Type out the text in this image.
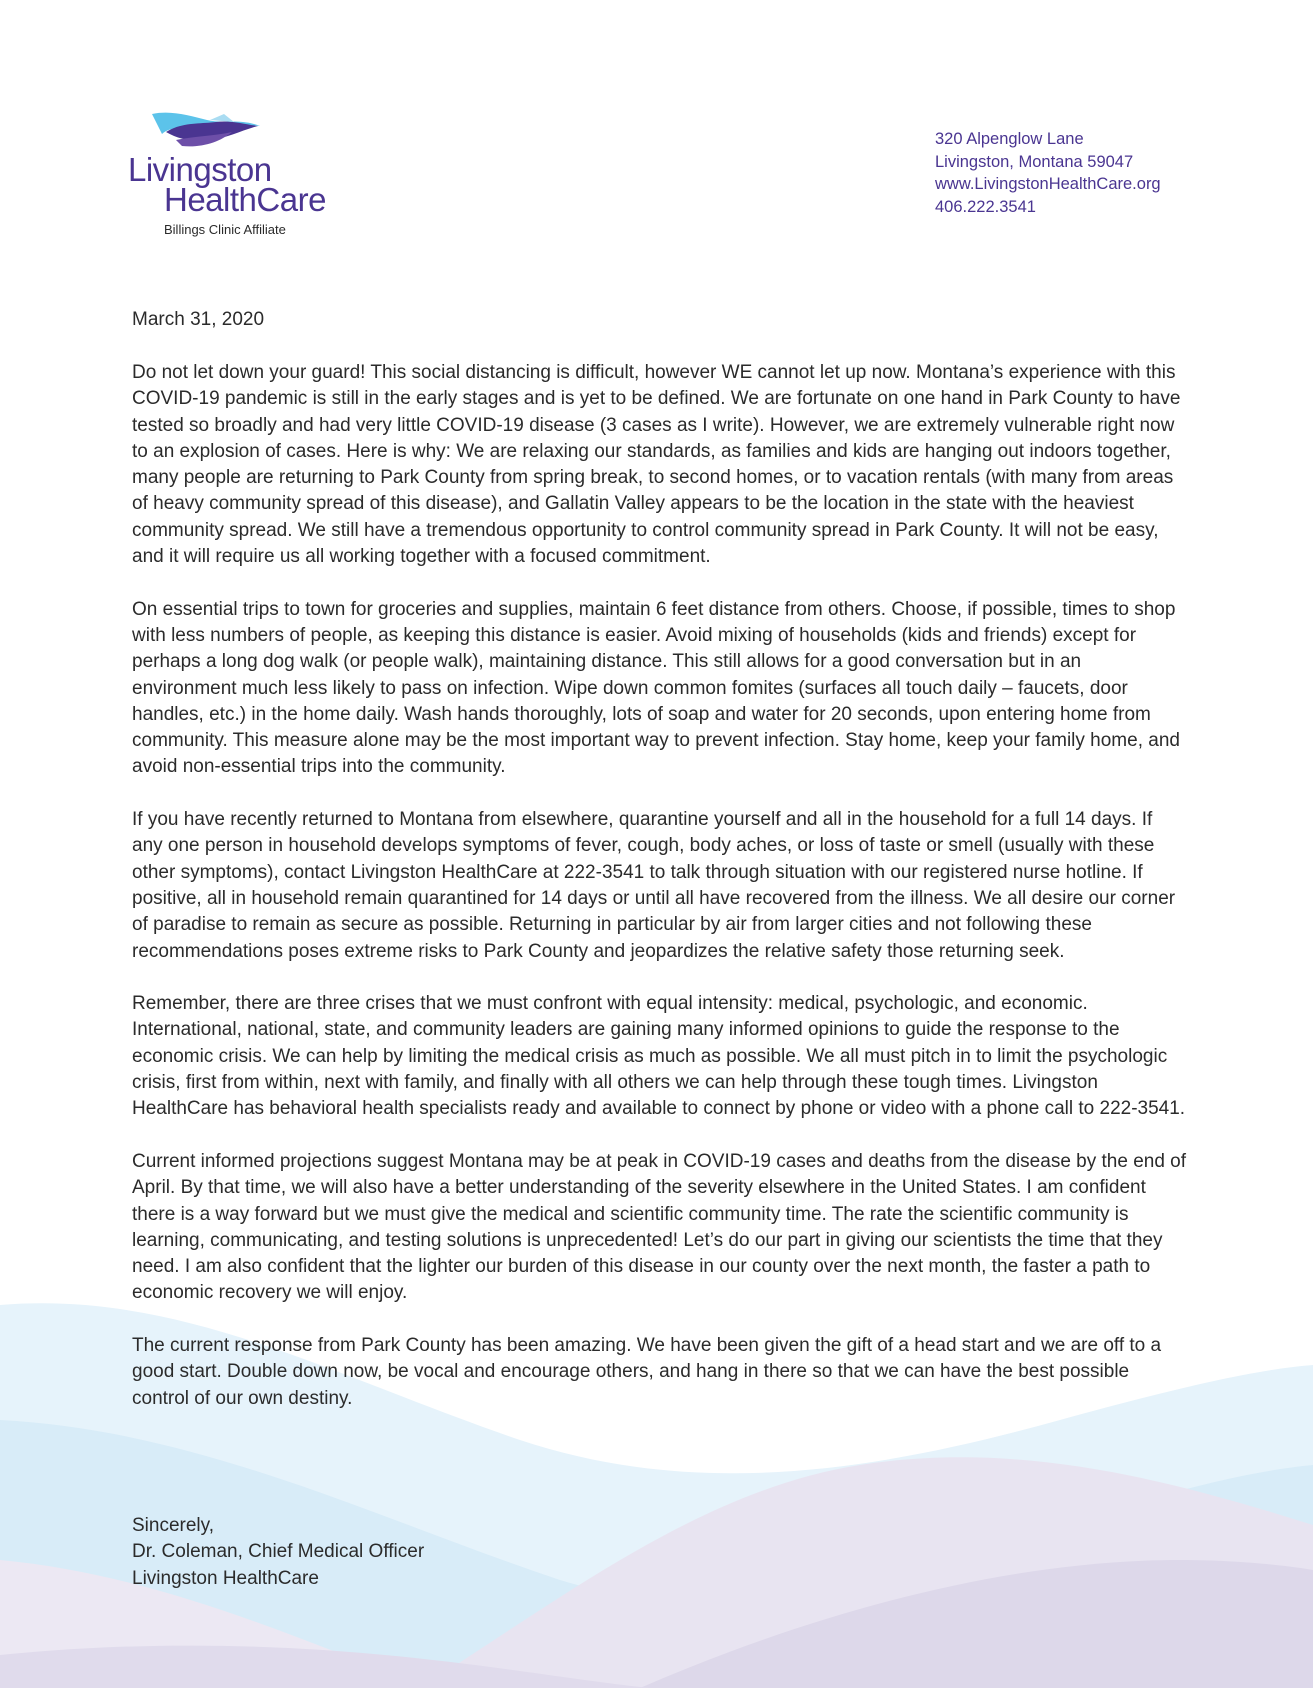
Livingston
HealthCare
Billings Clinic Affiliate
320 Alpenglow Lane
Livingston, Montana 59047
www.LivingstonHealthCare.org
406.222.3541
March 31, 2020

Do not let down your guard! This social distancing is difficult, however WE cannot let up now. Montana’s experience with this COVID-19 pandemic is still in the early stages and is yet to be defined. We are fortunate on one hand in Park County to have tested so broadly and had very little COVID-19 disease (3 cases as I write). However, we are extremely vulnerable right now to an explosion of cases. Here is why: We are relaxing our standards, as families and kids are hanging out indoors together, many people are returning to Park County from spring break, to second homes, or to vacation rentals (with many from areas of heavy community spread of this disease), and Gallatin Valley appears to be the location in the state with the heaviest community spread. We still have a tremendous opportunity to control community spread in Park County. It will not be easy, and it will require us all working together with a focused commitment.

On essential trips to town for groceries and supplies, maintain 6 feet distance from others. Choose, if possible, times to shop with less numbers of people, as keeping this distance is easier. Avoid mixing of households (kids and friends) except for perhaps a long dog walk (or people walk), maintaining distance. This still allows for a good conversation but in an environment much less likely to pass on infection. Wipe down common fomites (surfaces all touch daily – faucets, door handles, etc.) in the home daily. Wash hands thoroughly, lots of soap and water for 20 seconds, upon entering home from community. This measure alone may be the most important way to prevent infection. Stay home, keep your family home, and avoid non-essential trips into the community.

If you have recently returned to Montana from elsewhere, quarantine yourself and all in the household for a full 14 days. If any one person in household develops symptoms of fever, cough, body aches, or loss of taste or smell (usually with these other symptoms), contact Livingston HealthCare at 222-3541 to talk through situation with our registered nurse hotline. If positive, all in household remain quarantined for 14 days or until all have recovered from the illness. We all desire our corner of paradise to remain as secure as possible. Returning in particular by air from larger cities and not following these recommendations poses extreme risks to Park County and jeopardizes the relative safety those returning seek.

Remember, there are three crises that we must confront with equal intensity: medical, psychologic, and economic. International, national, state, and community leaders are gaining many informed opinions to guide the response to the economic crisis. We can help by limiting the medical crisis as much as possible. We all must pitch in to limit the psychologic crisis, first from within, next with family, and finally with all others we can help through these tough times. Livingston HealthCare has behavioral health specialists ready and available to connect by phone or video with a phone call to 222-3541.

Current informed projections suggest Montana may be at peak in COVID-19 cases and deaths from the disease by the end of April. By that time, we will also have a better understanding of the severity elsewhere in the United States. I am confident there is a way forward but we must give the medical and scientific community time. The rate the scientific community is learning, communicating, and testing solutions is unprecedented! Let’s do our part in giving our scientists the time that they need. I am also confident that the lighter our burden of this disease in our county over the next month, the faster a path to economic recovery we will enjoy.

The current response from Park County has been amazing. We have been given the gift of a head start and we are off to a good start. Double down now, be vocal and encourage others, and hang in there so that we can have the best possible control of our own destiny.

Sincerely,
Dr. Coleman, Chief Medical Officer
Livingston HealthCare
